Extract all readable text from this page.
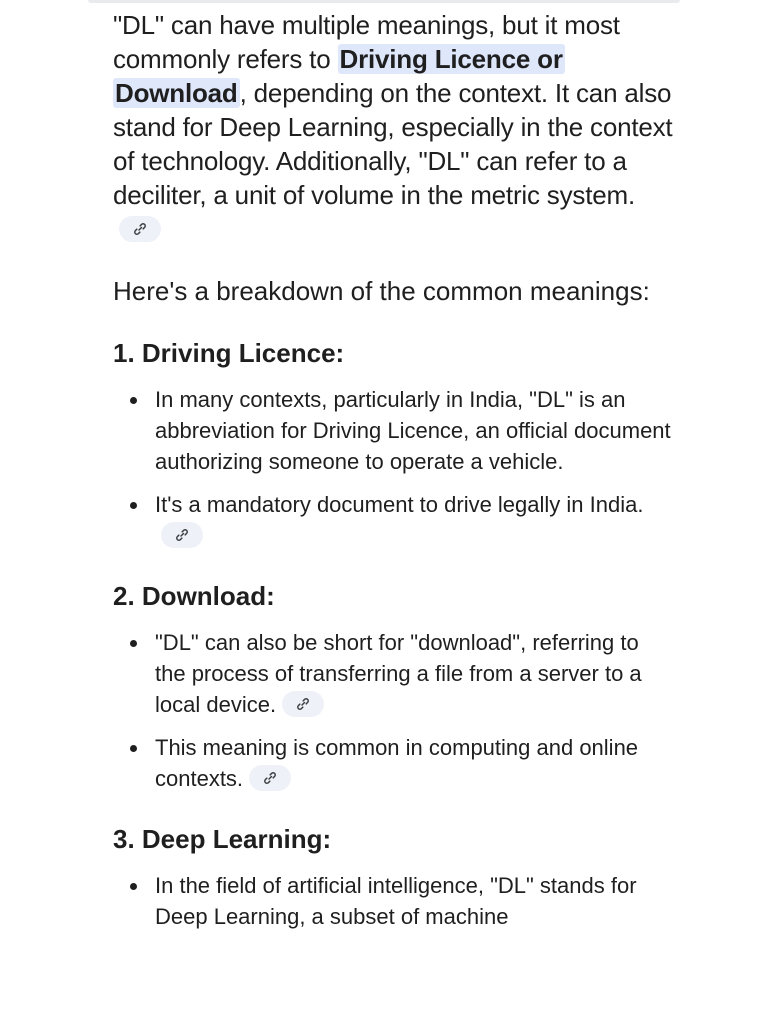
"DL" can have multiple meanings, but it most commonly refers to Driving Licence or Download, depending on the context. It can also stand for Deep Learning, especially in the context of technology. Additionally, "DL" can refer to a deciliter, a unit of volume in the metric system.

Here's a breakdown of the common meanings:

1. Driving Licence:
In many contexts, particularly in India, "DL" is an abbreviation for Driving Licence, an official document authorizing someone to operate a vehicle.
It's a mandatory document to drive legally in India.
2. Download:
"DL" can also be short for "download", referring to the process of transferring a file from a server to a local device.
This meaning is common in computing and online contexts.
3. Deep Learning:
In the field of artificial intelligence, "DL" stands for Deep Learning, a subset of machine
